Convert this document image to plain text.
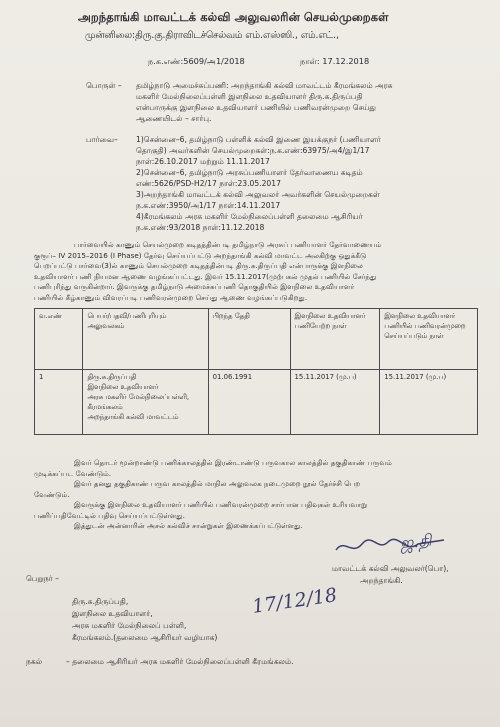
அறந்தாங்கி மாவட்டக் கல்வி அலுவலரின் செயல்முறைகள்
முன்னிலை:திரு.கு.திராவிடச்செல்வம் எம்.எஸ்ஸி., எம்.எட்.,
ந.க.எண்:5609/அ1/2018	நாள்: 17.12.2018
பொருள் – தமிழ்நாடு அமைச்சுப்பணி: அறந்தாங்கி கல்வி மாவட்டம் கீரமங்கலம் அரசு
மகளிர் மேல்நிலைப்பள்ளி இளநிலை உதவியாளர் திரு.சு.திருப்பதி
என்பாருக்கு இளநிலை உதவியாளர் பணியில் பணிவரன்முறை செய்து
ஆணையிடல் – சார்பு.
பார்வை– 1)சென்னை–6, தமிழ்நாடு பள்ளிக் கல்வி இணை இயக்குநர் (பணியாளர்
தொகுதி) அவர்களின் செயல்முறைகள்:ந.க.எண்:63975/அ4/இ1/17
நாள்:26.10.2017 மற்றும் 11.11.2017
2)சென்னை–6, தமிழ்நாடு அரசுப்பணியாளர் தேர்வாணைய கடிதம்
எண்:5626/PSD-H2/17 நாள்:23.05.2017
3)அறந்தாங்கி மாவட்டக் கல்வி அலுவலர் அவர்களின் செயல்முறைகள்
ந.க.எண்:3950/அ1/17 நாள்:14.11.2017
4)கீரமங்கலம் அரசு மகளிர் மேல்நிலைப்பள்ளி தலைமை ஆசிரியர்
ந.க.எண்:93/2018 நாள்:11.12.2018
பார்வையில் காணும் செயல்முறை கடிதத்தின்படி தமிழ்நாடு அரசுப் பணியாளர் தேர்வாணையம்
குரூப்– IV 2015–2016 (I Phase) தேர்வு செய்யப்பட்டு அறந்தாங்கி கல்வி மாவட்ட அலகிற்கு ஒதுக்கீடு
பெறப்பட்டு பார்வை(3)ல் காணும் செயல்முறை கடிதத்தின்படி திரு.சு.திருப்பதி என்பாருக்கு இளநிலை
உதவியாளர் பணி நியமன ஆணை வழங்கப்பட்டது. இவர் 15.11.2017(முற்பகல் முதல் பணியில் சேர்ந்து
பணிபுரிந்து வருகின்றார். இவருக்கு தமிழ்நாடு அமைச்சுப்பணி தொகுதியில் இளநிலை உதவியாளர்
பணியில் கீழ்காணும் விவரப்படி பணிவரன்முறை செய்து ஆணை வழங்கப்படுகிறது.
வ.எண்	பெயர்/பதவி/பணிபுரியும் அலுவலகம்	பிறந்த தேதி	இளநிலை உதவியாளர் பணியேற்ற நாள்	இளநிலை உதவியாளர் பணியில் பணிவரன்முறை செய்யப்படும் நாள்
1	திரு.சு.திருப்பதி
இளநிலை உதவியாளர்
அரசு மகளிர் மேல்நிலைப்பள்ளி,
கீரமங்கலம்
அறந்தாங்கி கல்வி மாவட்டம்	01.06.1991	15.11.2017 (மு.ப)	15.11.2017 (மு.ப)
இவர் தொடர் மூன்றாண்டு பணிக்காலத்தில் இரண்டாண்டு பருவகால காலத்தில் தகுதிகாண் பருவம்
முடிக்கப்பட வேண்டும்.
இவர் தனது தகுதிகாண் பருவ காலத்தில் மாநில அலுவலக நடைமுறை நூல் தேர்ச்சி பெற
வேண்டும்.
இவருக்கு இளநிலை உதவியாளர் பணியில் பணிவரன்முறை சார்பான பதிவுகள் உரியவாறு
பணிப்பதிவேட்டில் பதிவு செய்யப்பட்டுள்ளது.
இத்துடன் அன்னாரின் அசல் கல்விச் சான்றுகள் இணைக்கப்பட்டுள்ளது.
ஜ.தி
மாவட்டக் கல்வி அலுவலர்(பொ),
அறந்தாங்கி.
17/12/18
பெறுநர் –
திரு.சு.திருப்பதி,
இளநிலை உதவியாளர்,
அரசு மகளிர் மேல்நிலைப் பள்ளி,
கீரமங்கலம்.(தலைமை ஆசிரியர் வழியாக)
நகல்	– தலைமை ஆசிரியர் அரசு மகளிர் மேல்நிலைப்பள்ளி கீரமங்கலம்.
